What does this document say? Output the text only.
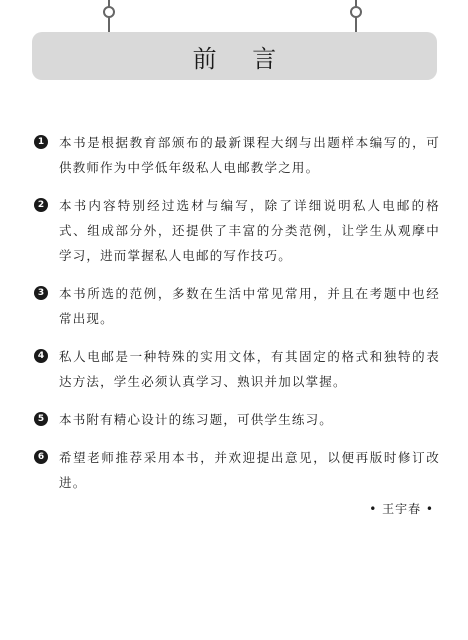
前 言
1	本书是根据教育部颁布的最新课程大纲与出题样本编写的，可供教师作为中学低年级私人电邮教学之用。
2	本书内容特别经过选材与编写，除了详细说明私人电邮的格式、组成部分外，还提供了丰富的分类范例，让学生从观摩中学习，进而掌握私人电邮的写作技巧。
3	本书所选的范例，多数在生活中常见常用，并且在考题中也经常出现。
4	私人电邮是一种特殊的实用文体，有其固定的格式和独特的表达方法，学生必须认真学习、熟识并加以掌握。
5	本书附有精心设计的练习题，可供学生练习。
6	希望老师推荐采用本书，并欢迎提出意见，以便再版时修订改进。
• 王宇春 •
